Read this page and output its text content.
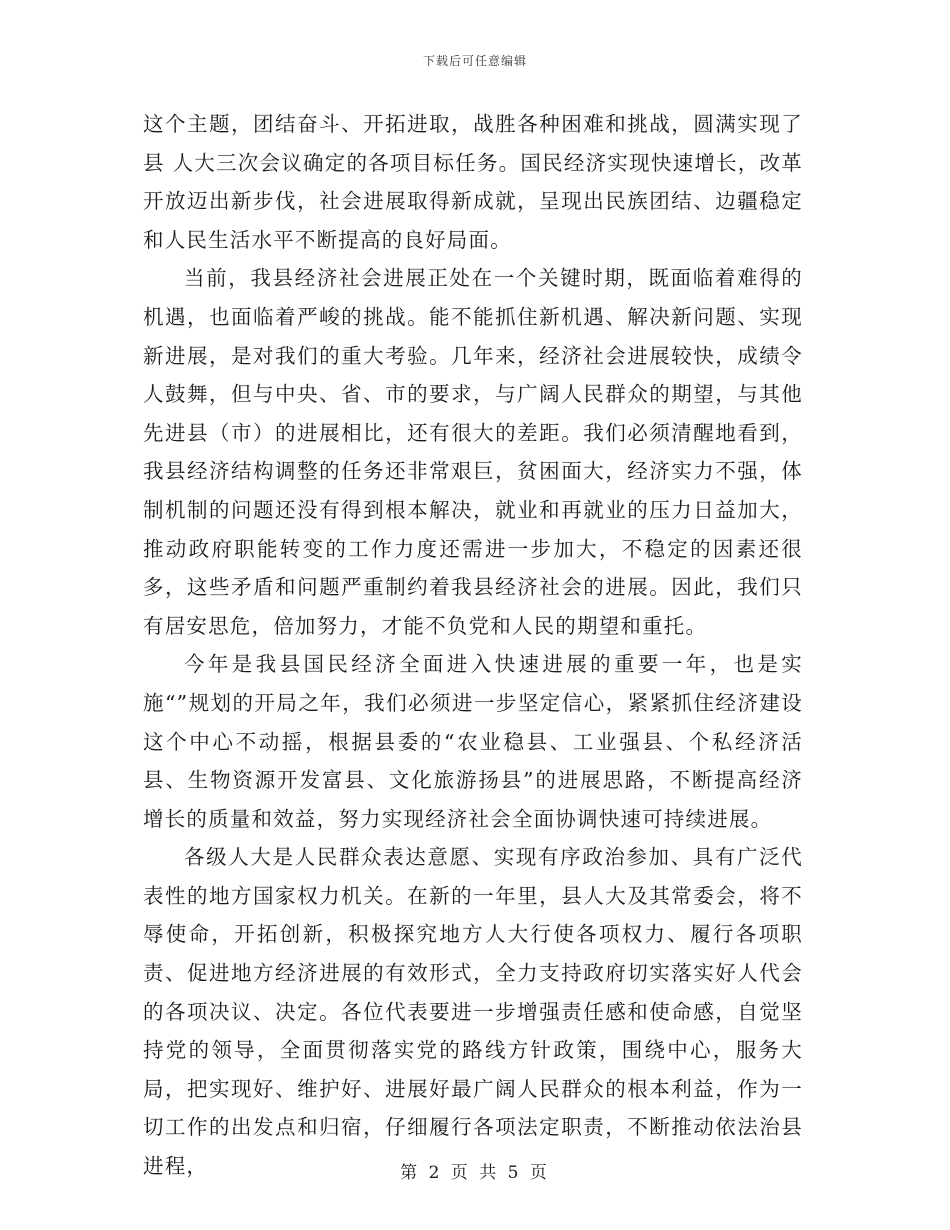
下载后可任意编辑

这个主题，团结奋斗、开拓进取，战胜各种困难和挑战，圆满实现了县 人大三次会议确定的各项目标任务。国民经济实现快速增长，改革开放迈出新步伐，社会进展取得新成就，呈现出民族团结、边疆稳定和人民生活水平不断提高的良好局面。

当前，我县经济社会进展正处在一个关键时期，既面临着难得的机遇，也面临着严峻的挑战。能不能抓住新机遇、解决新问题、实现新进展，是对我们的重大考验。几年来，经济社会进展较快，成绩令人鼓舞，但与中央、省、市的要求，与广阔人民群众的期望，与其他先进县（市）的进展相比，还有很大的差距。我们必须清醒地看到，我县经济结构调整的任务还非常艰巨，贫困面大，经济实力不强，体制机制的问题还没有得到根本解决，就业和再就业的压力日益加大，推动政府职能转变的工作力度还需进一步加大，不稳定的因素还很多，这些矛盾和问题严重制约着我县经济社会的进展。因此，我们只有居安思危，倍加努力，才能不负党和人民的期望和重托。

今年是我县国民经济全面进入快速进展的重要一年，也是实施“”规划的开局之年，我们必须进一步坚定信心，紧紧抓住经济建设这个中心不动摇，根据县委的“农业稳县、工业强县、个私经济活县、生物资源开发富县、文化旅游扬县”的进展思路，不断提高经济增长的质量和效益，努力实现经济社会全面协调快速可持续进展。

各级人大是人民群众表达意愿、实现有序政治参加、具有广泛代表性的地方国家权力机关。在新的一年里，县人大及其常委会，将不辱使命，开拓创新，积极探究地方人大行使各项权力、履行各项职责、促进地方经济进展的有效形式，全力支持政府切实落实好人代会的各项决议、决定。各位代表要进一步增强责任感和使命感，自觉坚持党的领导，全面贯彻落实党的路线方针政策，围绕中心，服务大局，把实现好、维护好、进展好最广阔人民群众的根本利益，作为一切工作的出发点和归宿，仔细履行各项法定职责，不断推动依法治县进程，	第 2 页 共 5 页
